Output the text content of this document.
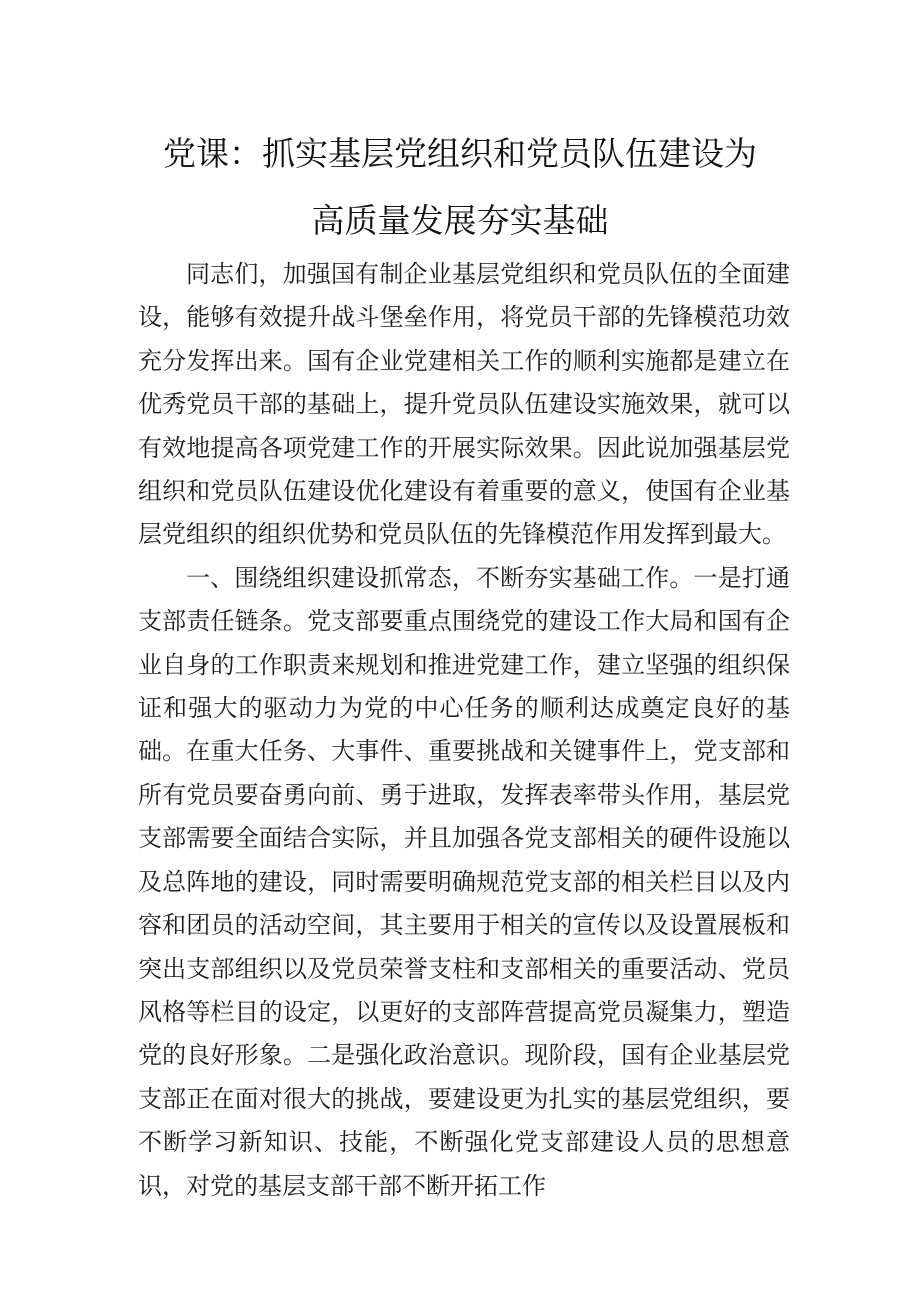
党课：抓实基层党组织和党员队伍建设为
高质量发展夯实基础

同志们，加强国有制企业基层党组织和党员队伍的全面建设，能够有效提升战斗堡垒作用，将党员干部的先锋模范功效充分发挥出来。国有企业党建相关工作的顺利实施都是建立在优秀党员干部的基础上，提升党员队伍建设实施效果，就可以有效地提高各项党建工作的开展实际效果。因此说加强基层党组织和党员队伍建设优化建设有着重要的意义，使国有企业基层党组织的组织优势和党员队伍的先锋模范作用发挥到最大。

一、围绕组织建设抓常态，不断夯实基础工作。一是打通支部责任链条。党支部要重点围绕党的建设工作大局和国有企业自身的工作职责来规划和推进党建工作，建立坚强的组织保证和强大的驱动力为党的中心任务的顺利达成奠定良好的基础。在重大任务、大事件、重要挑战和关键事件上，党支部和所有党员要奋勇向前、勇于进取，发挥表率带头作用，基层党支部需要全面结合实际，并且加强各党支部相关的硬件设施以及总阵地的建设，同时需要明确规范党支部的相关栏目以及内容和团员的活动空间，其主要用于相关的宣传以及设置展板和突出支部组织以及党员荣誉支柱和支部相关的重要活动、党员风格等栏目的设定，以更好的支部阵营提高党员凝集力，塑造党的良好形象。二是强化政治意识。现阶段，国有企业基层党支部正在面对很大的挑战，要建设更为扎实的基层党组织，要不断学习新知识、技能，不断强化党支部建设人员的思想意识，对党的基层支部干部不断开拓工作
